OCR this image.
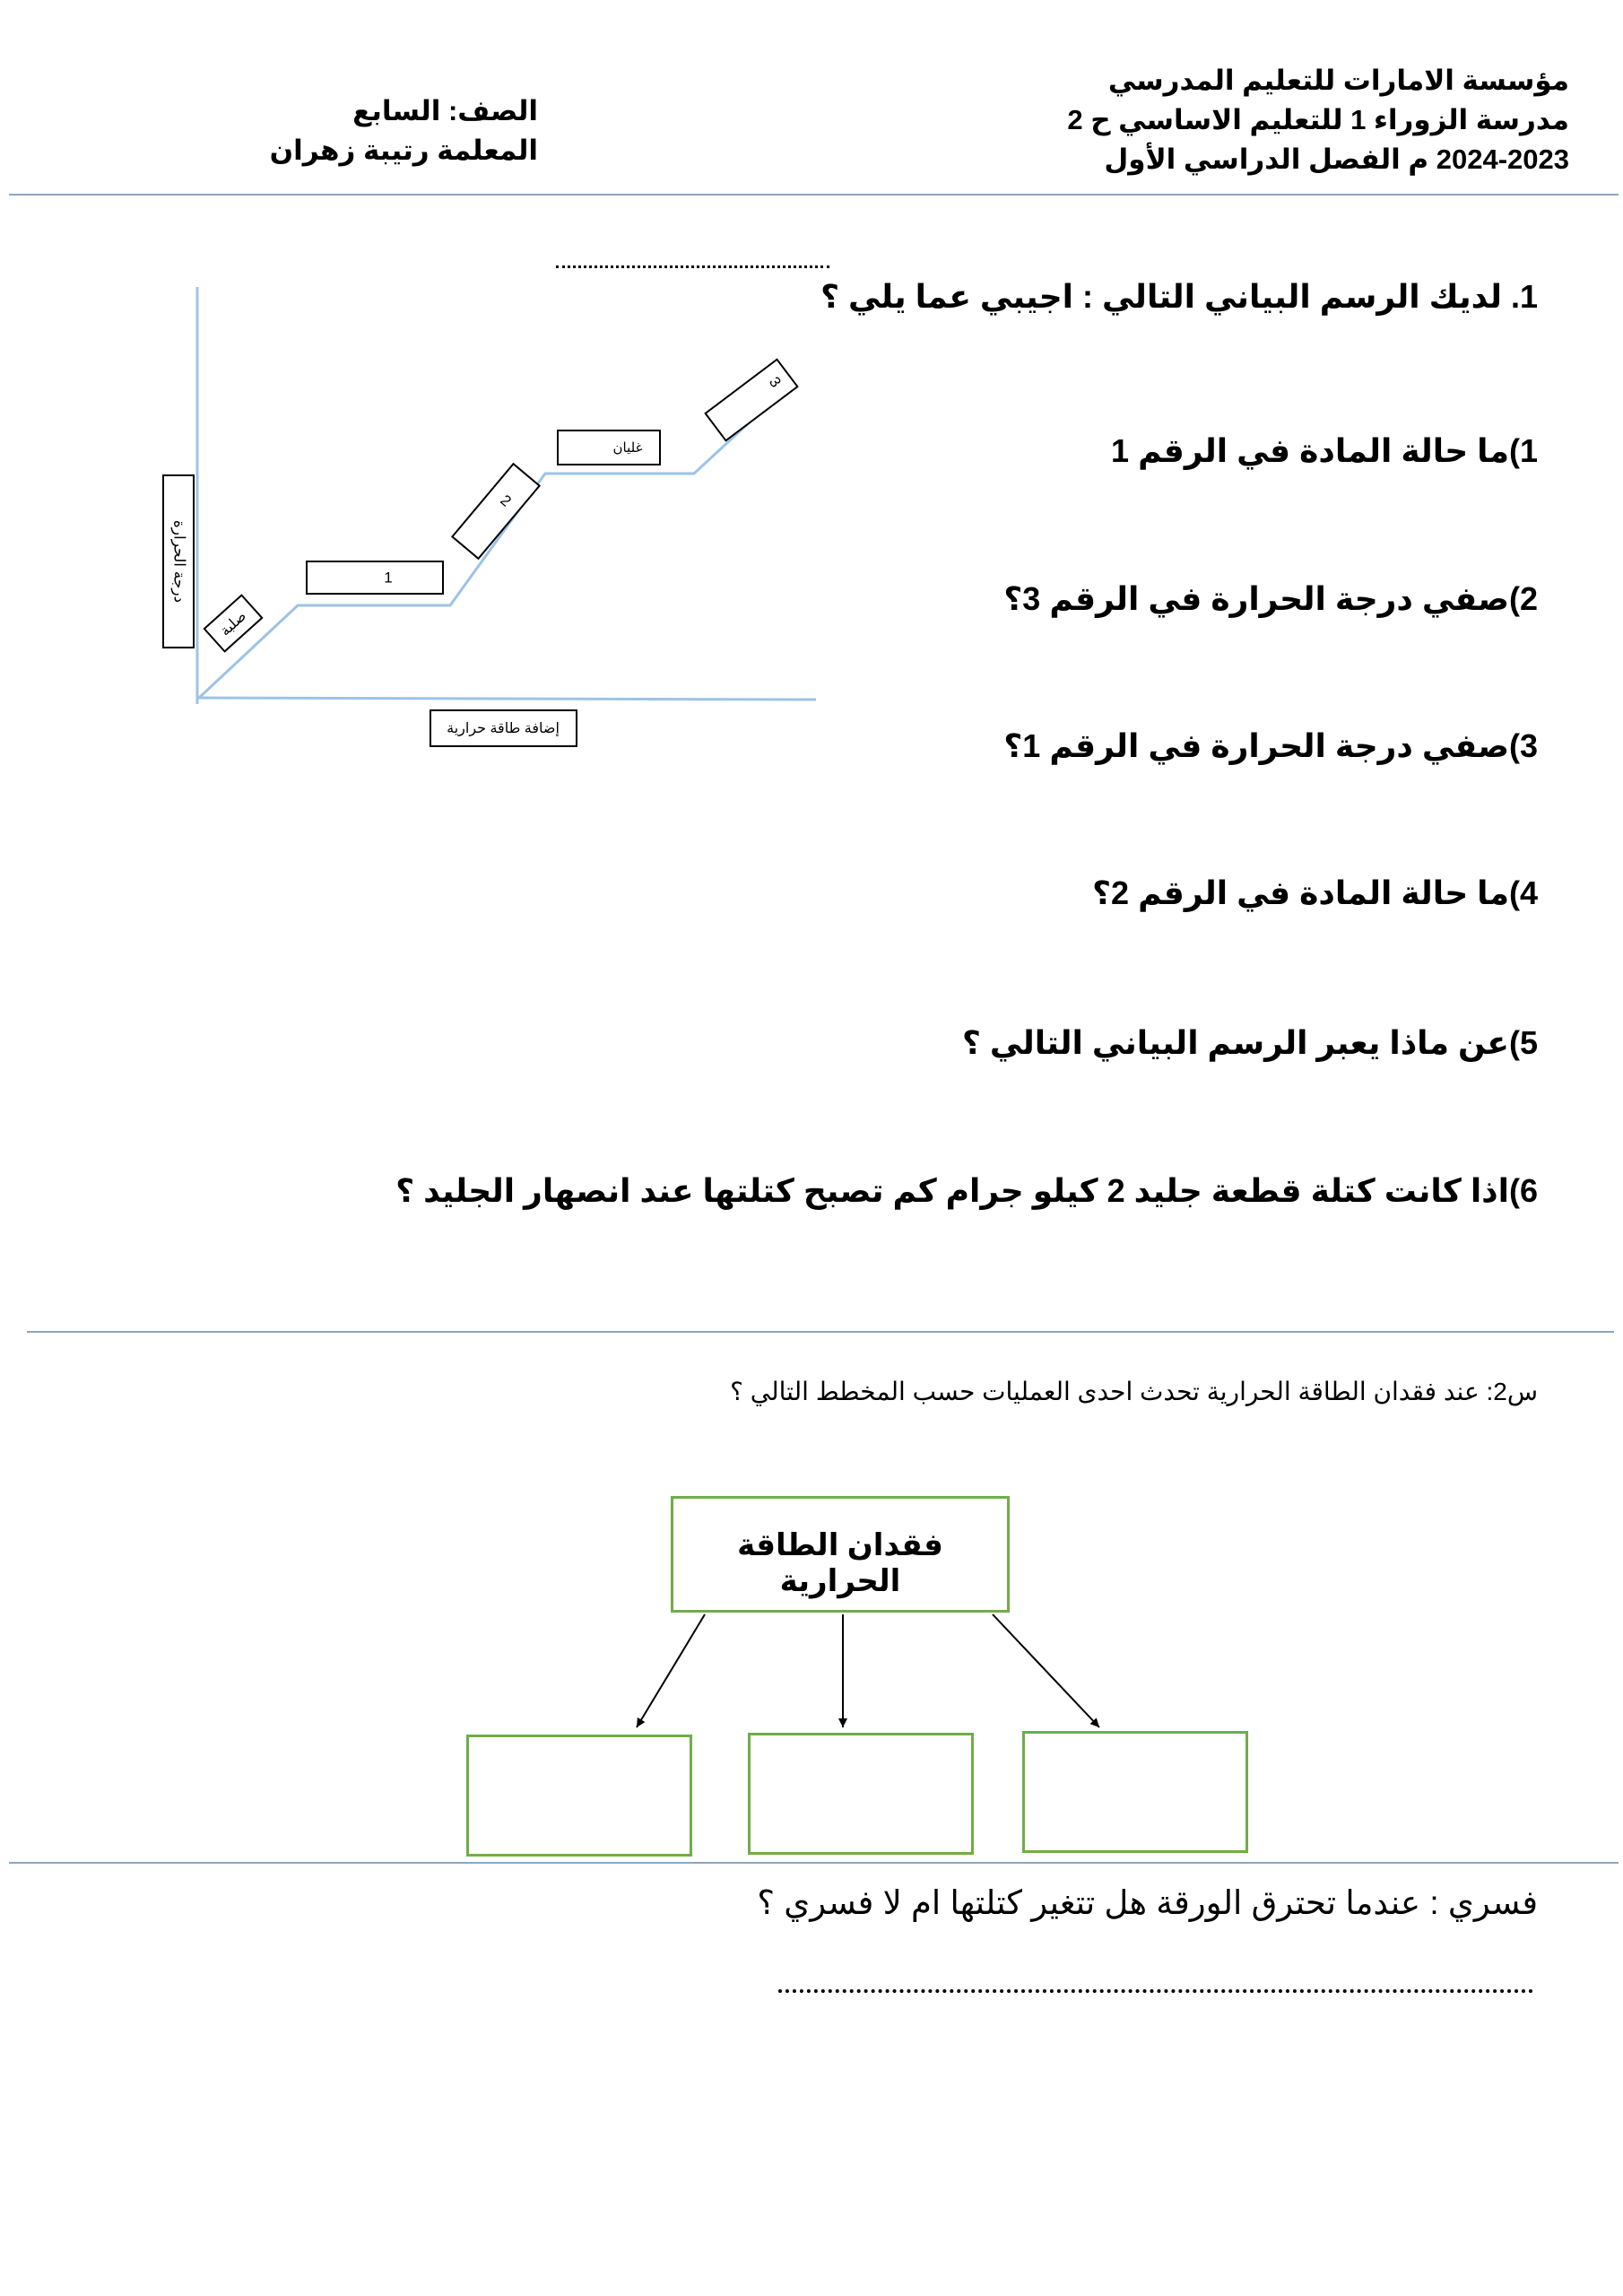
مؤسسة الامارات للتعليم المدرسي
مدرسة الزوراء 1 للتعليم الاساسي ح 2
2024-2023 م الفصل الدراسي الأول
الصف: السابع
المعلمة رتيبة زهران
1. لديك الرسم البياني التالي : اجيبي عما يلي ؟
1)ما حالة المادة في الرقم 1
2)صفي درجة الحرارة في الرقم 3؟
3)صفي درجة الحرارة في الرقم 1؟
4)ما حالة المادة في الرقم 2؟
5)عن ماذا يعبر الرسم البياني التالي ؟
6)اذا كانت كتلة قطعة جليد 2 كيلو جرام كم تصبح كتلتها عند انصهار الجليد ؟
درجة الحرارة
إضافة طاقة حرارية
صلبة
1
2
غليان
3
س2: عند فقدان الطاقة الحرارية تحدث احدى العمليات حسب المخطط التالي ؟
فقدان الطاقة الحرارية
فسري : عندما تحترق الورقة هل تتغير كتلتها ام لا فسري ؟
